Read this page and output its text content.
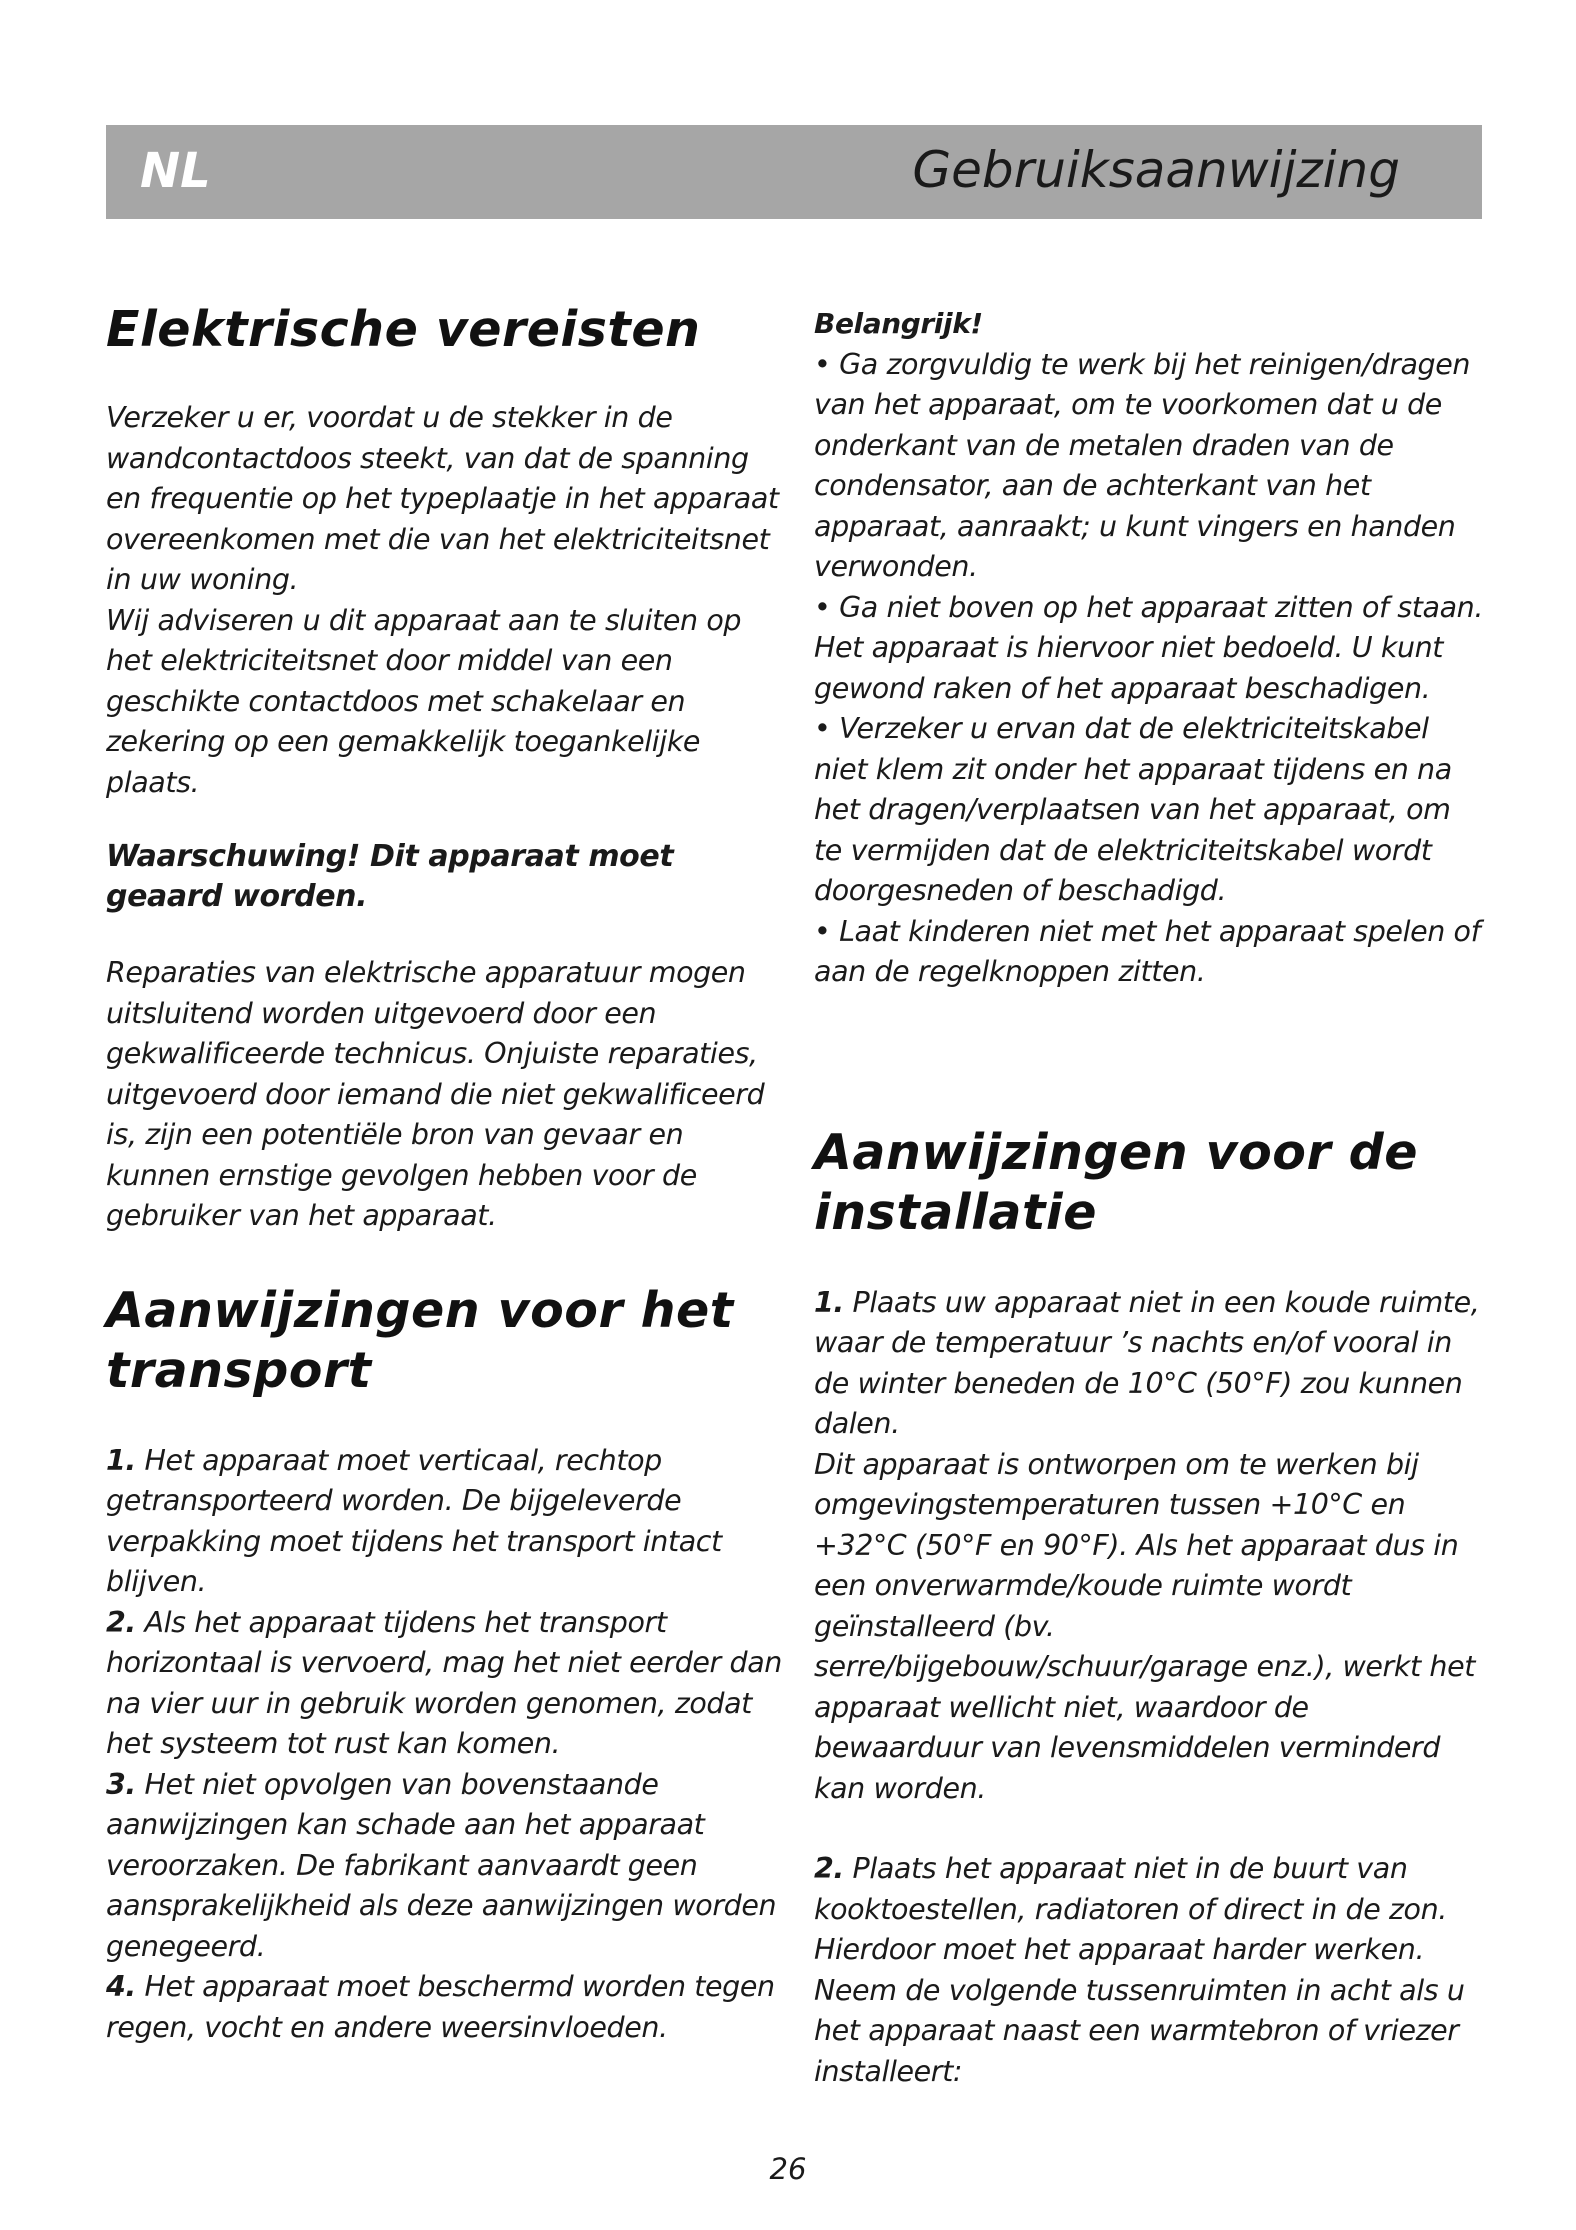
NL	Gebruiksaanwijzing
Elektrische vereisten

Verzeker u er, voordat u de stekker in de wandcontactdoos steekt, van dat de spanning en frequentie op het typeplaatje in het apparaat overeenkomen met die van het elektriciteitsnet in uw woning.

Wij adviseren u dit apparaat aan te sluiten op het elektriciteitsnet door middel van een geschikte contactdoos met schakelaar en zekering op een gemakkelijk toegankelijke plaats.

Waarschuwing! Dit apparaat moet geaard worden.

Reparaties van elektrische apparatuur mogen uitsluitend worden uitgevoerd door een gekwalificeerde technicus. Onjuiste reparaties, uitgevoerd door iemand die niet gekwalificeerd is, zijn een potentiële bron van gevaar en kunnen ernstige gevolgen hebben voor de gebruiker van het apparaat.

Aanwijzingen voor het transport

1. Het apparaat moet verticaal, rechtop getransporteerd worden. De bijgeleverde verpakking moet tijdens het transport intact blijven.

2. Als het apparaat tijdens het transport horizontaal is vervoerd, mag het niet eerder dan na vier uur in gebruik worden genomen, zodat het systeem tot rust kan komen.

3. Het niet opvolgen van bovenstaande aanwijzingen kan schade aan het apparaat veroorzaken. De fabrikant aanvaardt geen aansprakelijkheid als deze aanwijzingen worden genegeerd.

4. Het apparaat moet beschermd worden tegen regen, vocht en andere weersinvloeden.

Belangrijk!

• Ga zorgvuldig te werk bij het reinigen/dragen van het apparaat, om te voorkomen dat u de onderkant van de metalen draden van de condensator, aan de achterkant van het apparaat, aanraakt; u kunt vingers en handen verwonden.

• Ga niet boven op het apparaat zitten of staan. Het apparaat is hiervoor niet bedoeld. U kunt gewond raken of het apparaat beschadigen.

• Verzeker u ervan dat de elektriciteitskabel niet klem zit onder het apparaat tijdens en na het dragen/verplaatsen van het apparaat, om te vermijden dat de elektriciteitskabel wordt doorgesneden of beschadigd.

• Laat kinderen niet met het apparaat spelen of aan de regelknoppen zitten.

Aanwijzingen voor de installatie

1. Plaats uw apparaat niet in een koude ruimte, waar de temperatuur ’s nachts en/of vooral in de winter beneden de 10°C (50°F) zou kunnen dalen.

Dit apparaat is ontworpen om te werken bij omgevingstemperaturen tussen +10°C en +32°C (50°F en 90°F). Als het apparaat dus in een onverwarmde/koude ruimte wordt geïnstalleerd (bv. serre/bijgebouw/schuur/garage enz.), werkt het apparaat wellicht niet, waardoor de bewaarduur van levensmiddelen verminderd kan worden.

2. Plaats het apparaat niet in de buurt van kooktoestellen, radiatoren of direct in de zon. Hierdoor moet het apparaat harder werken. Neem de volgende tussenruimten in acht als u het apparaat naast een warmtebron of vriezer installeert:

26
